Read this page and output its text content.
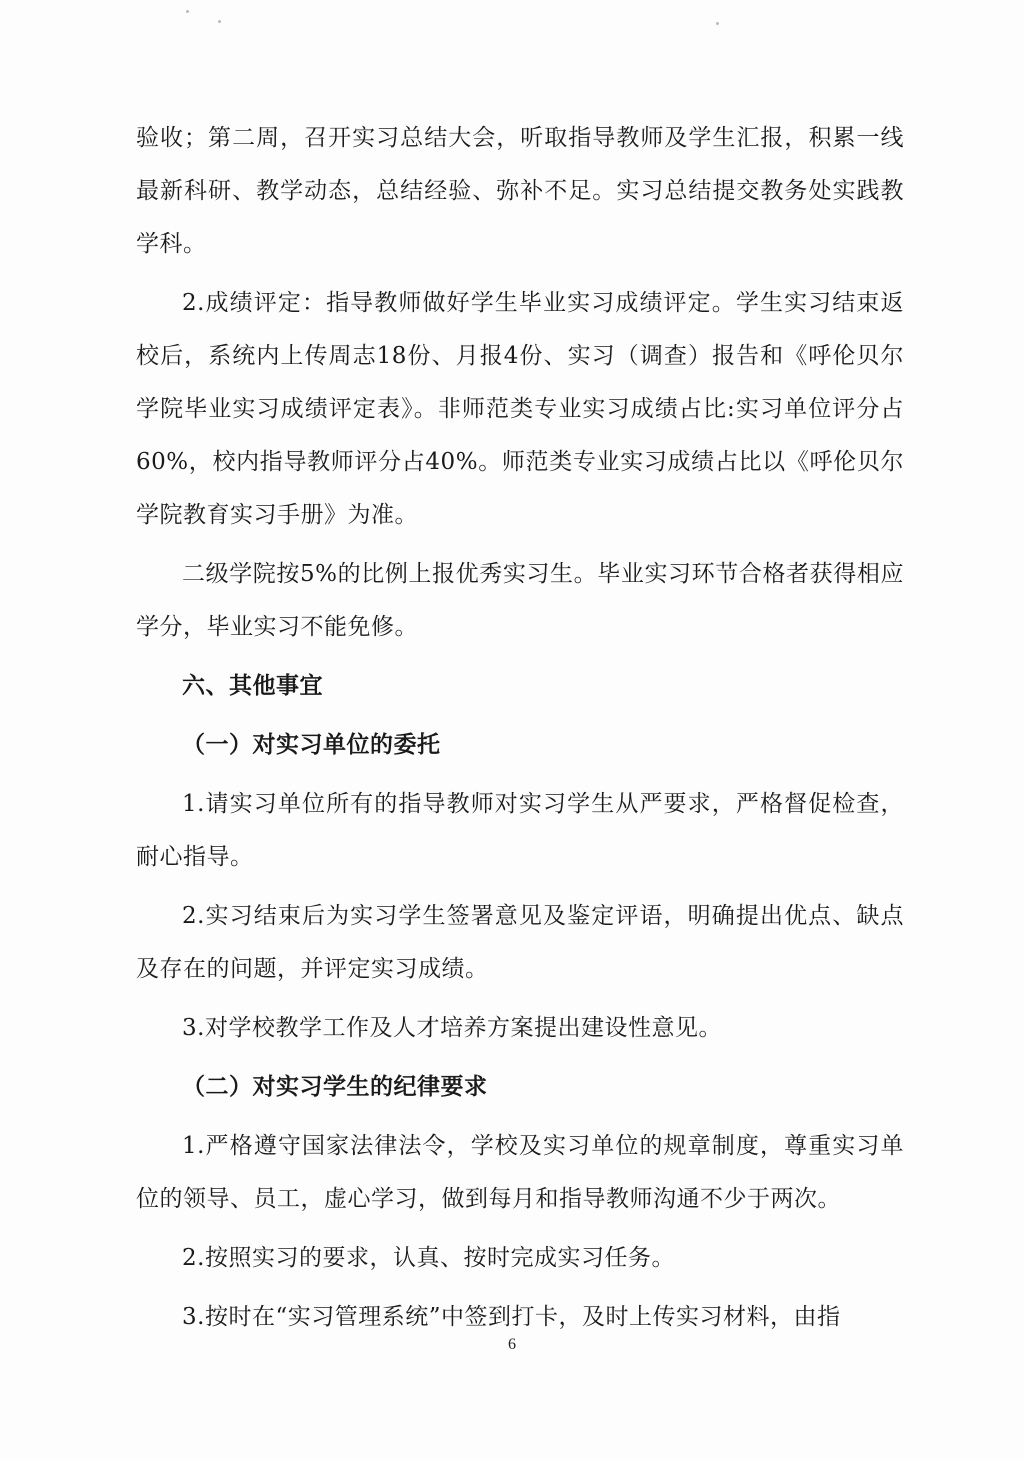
验收；第二周，召开实习总结大会，听取指导教师及学生汇报，积累一线最新科研、教学动态，总结经验、弥补不足。实习总结提交教务处实践教学科。

2.成绩评定：指导教师做好学生毕业实习成绩评定。学生实习结束返校后，系统内上传周志18份、月报4份、实习（调查）报告和《呼伦贝尔学院毕业实习成绩评定表》。非师范类专业实习成绩占比:实习单位评分占60%，校内指导教师评分占40%。师范类专业实习成绩占比以《呼伦贝尔学院教育实习手册》为准。

二级学院按5%的比例上报优秀实习生。毕业实习环节合格者获得相应学分，毕业实习不能免修。

六、其他事宜
（一）对实习单位的委托

1.请实习单位所有的指导教师对实习学生从严要求，严格督促检查，耐心指导。

2.实习结束后为实习学生签署意见及鉴定评语，明确提出优点、缺点及存在的问题，并评定实习成绩。

3.对学校教学工作及人才培养方案提出建设性意见。

（二）对实习学生的纪律要求

1.严格遵守国家法律法令，学校及实习单位的规章制度，尊重实习单位的领导、员工，虚心学习，做到每月和指导教师沟通不少于两次。

2.按照实习的要求，认真、按时完成实习任务。

3.按时在“实习管理系统”中签到打卡，及时上传实习材料，由指

6
